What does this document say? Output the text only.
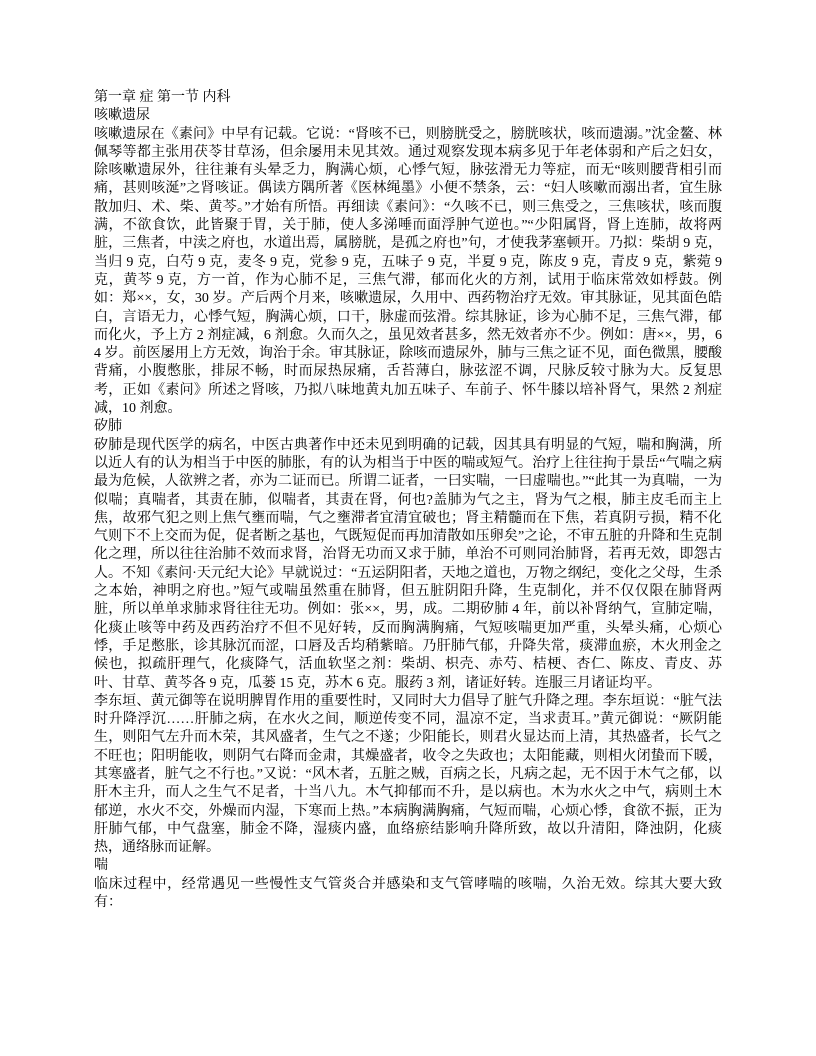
第一章 症 第一节 内科

咳嗽遗尿

咳嗽遗尿在《素问》中早有记载。它说：“肾咳不已，则膀胱受之，膀胱咳状，咳而遗溺。”沈金鳌、林佩琴等都主张用茯苓甘草汤，但余屡用未见其效。通过观察发现本病多见于年老体弱和产后之妇女，除咳嗽遗尿外，往往兼有头晕乏力，胸满心烦，心悸气短，脉弦滑无力等症，而无“咳则腰背相引而痛，甚则咳涎”之肾咳证。偶读方隅所著《医林绳墨》小便不禁条，云：“妇人咳嗽而溺出者，宜生脉散加归、术、柴、黄芩。”才始有所悟。再细读《素问》：“久咳不已，则三焦受之，三焦咳状，咳而腹满，不欲食饮，此皆聚于胃，关于肺，使人多涕唾而面浮肿气逆也。”“少阳属肾，肾上连肺，故将两脏，三焦者，中渎之府也，水道出焉，属膀胱，是孤之府也”句，才使我茅塞顿开。乃拟：柴胡 9 克，当归 9 克，白芍 9 克，麦冬 9 克，党参 9 克，五味子 9 克，半夏 9 克，陈皮 9 克，青皮 9 克，紫菀 9 克，黄芩 9 克，方一首，作为心肺不足，三焦气滞，郁而化火的方剂，试用于临床常效如桴鼓。例如：郑××，女，30 岁。产后两个月来，咳嗽遗尿，久用中、西药物治疗无效。审其脉证，见其面色皓白，言语无力，心悸气短，胸满心烦，口干，脉虚而弦滑。综其脉证，诊为心肺不足，三焦气滞，郁而化火，予上方 2 剂症减，6 剂愈。久而久之，虽见效者甚多，然无效者亦不少。例如：唐××，男，64 岁。前医屡用上方无效，询治于余。审其脉证，除咳而遗尿外，肺与三焦之证不见，面色微黑，腰酸背痛，小腹憋胀，排尿不畅，时而尿热尿痛，舌苔薄白，脉弦涩不调，尺脉反较寸脉为大。反复思考，正如《素问》所述之肾咳，乃拟八味地黄丸加五味子、车前子、怀牛膝以培补肾气，果然 2 剂症减，10 剂愈。

矽肺

矽肺是现代医学的病名，中医古典著作中还未见到明确的记载，因其具有明显的气短，喘和胸满，所以近人有的认为相当于中医的肺胀，有的认为相当于中医的喘或短气。治疗上往往拘于景岳“气喘之病最为危候，人欲辨之者，亦为二证而已。所谓二证者，一曰实喘，一曰虚喘也。”“此其一为真喘，一为似喘；真喘者，其责在肺，似喘者，其责在肾，何也?盖肺为气之主，肾为气之根，肺主皮毛而主上焦，故邪气犯之则上焦气壅而喘，气之壅滞者宜清宜破也；肾主精髓而在下焦，若真阴亏损，精不化气则下不上交而为促，促者断之基也，气既短促而再加清散如压卵矣”之论，不审五脏的升降和生克制化之理，所以往往治肺不效而求肾，治肾无功而又求于肺，单治不可则同治肺肾，若再无效，即怨古人。不知《素问·天元纪大论》早就说过：“五运阴阳者，天地之道也，万物之纲纪，变化之父母，生杀之本始，神明之府也。”短气或喘虽然重在肺肾，但五脏阴阳升降，生克制化，并不仅仅限在肺肾两脏，所以单单求肺求肾往往无功。例如：张××，男，成。二期矽肺 4 年，前以补肾纳气，宣肺定喘，化痰止咳等中药及西药治疗不但不见好转，反而胸满胸痛，气短咳喘更加严重，头晕头痛，心烦心悸，手足憋胀，诊其脉沉而涩，口唇及舌均稍紫暗。乃肝肺气郁，升降失常，痰滞血瘀，木火刑金之候也，拟疏肝理气，化痰降气，活血软坚之剂：柴胡、枳壳、赤芍、桔梗、杏仁、陈皮、青皮、苏叶、甘草、黄芩各 9 克，瓜蒌 15 克，苏木 6 克。服药 3 剂，诸证好转。连服三月诸证均平。

李东垣、黄元御等在说明脾胃作用的重要性时，又同时大力倡导了脏气升降之理。李东垣说：“脏气法时升降浮沉……肝肺之病，在水火之间，顺逆传变不同，温凉不定，当求责耳。”黄元御说：“厥阴能生，则阳气左升而木荣，其风盛者，生气之不遂；少阳能长，则君火显达而上清，其热盛者，长气之不旺也；阳明能收，则阴气右降而金肃，其燥盛者，收令之失政也；太阳能藏，则相火闭蛰而下暖，其寒盛者，脏气之不行也。”又说：“风木者，五脏之贼，百病之长，凡病之起，无不因于木气之郁，以肝木主升，而人之生气不足者，十当八九。木气抑郁而不升，是以病也。木为水火之中气，病则土木郁逆，水火不交，外燥而内湿，下寒而上热。”本病胸满胸痛，气短而喘，心烦心悸，食欲不振，正为肝肺气郁，中气盘塞，肺金不降，湿痰内盛，血络瘀结影响升降所致，故以升清阳，降浊阴，化痰热，通络脉而证解。

喘

临床过程中，经常遇见一些慢性支气管炎合并感染和支气管哮喘的咳喘，久治无效。综其大要大致有：
